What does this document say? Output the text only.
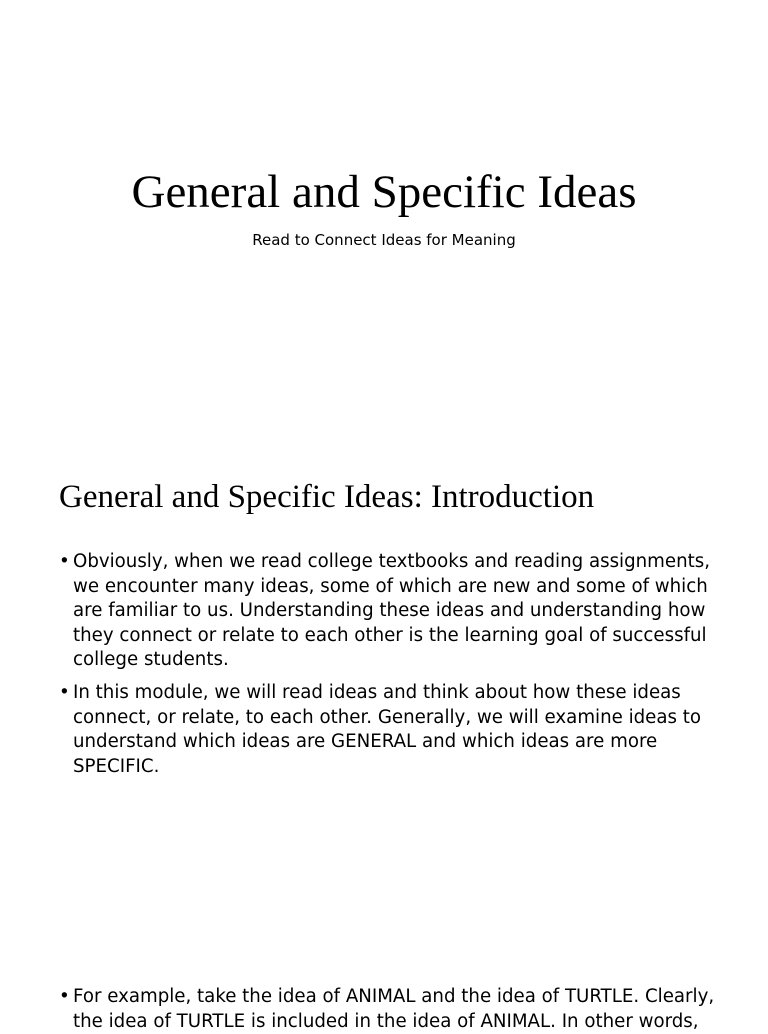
General and Specific Ideas

Read to Connect Ideas for Meaning

General and Specific Ideas: Introduction
• Obviously, when we read college textbooks and reading assignments,
we encounter many ideas, some of which are new and some of which
are familiar to us. Understanding these ideas and understanding how
they connect or relate to each other is the learning goal of successful
college students.
• In this module, we will read ideas and think about how these ideas
connect, or relate, to each other. Generally, we will examine ideas to
understand which ideas are GENERAL and which ideas are more
SPECIFIC.
• For example, take the idea of ANIMAL and the idea of TURTLE. Clearly,
the idea of TURTLE is included in the idea of ANIMAL. In other words,
